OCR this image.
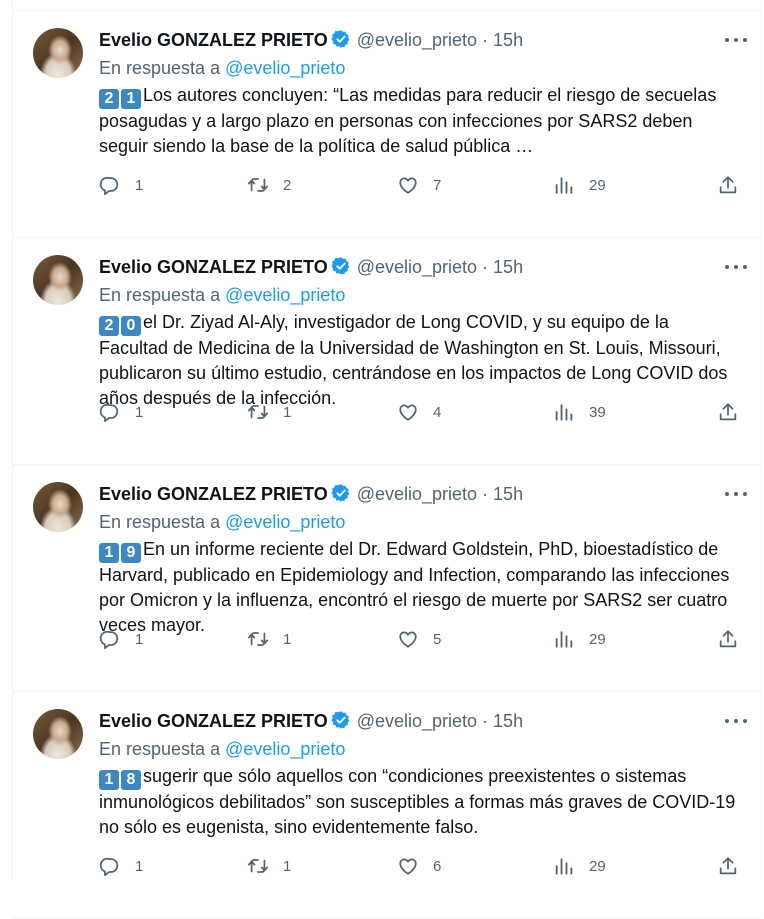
Evelio GONZALEZ PRIETO @evelio_prieto · 15h
En respuesta a @evelio_prieto
2 1 Los autores concluyen: “Las medidas para reducir el riesgo de secuelas posagudas y a largo plazo en personas con infecciones por SARS2 deben seguir siendo la base de la política de salud pública …
1	2	7	29
Evelio GONZALEZ PRIETO @evelio_prieto · 15h
En respuesta a @evelio_prieto
2 0 el Dr. Ziyad Al-Aly, investigador de Long COVID, y su equipo de la Facultad de Medicina de la Universidad de Washington en St. Louis, Missouri, publicaron su último estudio, centrándose en los impactos de Long COVID dos años después de la infección.
1	1	4	39
Evelio GONZALEZ PRIETO @evelio_prieto · 15h
En respuesta a @evelio_prieto
1 9 En un informe reciente del Dr. Edward Goldstein, PhD, bioestadístico de Harvard, publicado en Epidemiology and Infection, comparando las infecciones por Omicron y la influenza, encontró el riesgo de muerte por SARS2 ser cuatro veces mayor.
1	1	5	29
Evelio GONZALEZ PRIETO @evelio_prieto · 15h
En respuesta a @evelio_prieto
1 8 sugerir que sólo aquellos con “condiciones preexistentes o sistemas inmunológicos debilitados” son susceptibles a formas más graves de COVID-19 no sólo es eugenista, sino evidentemente falso.
1	1	6	29
